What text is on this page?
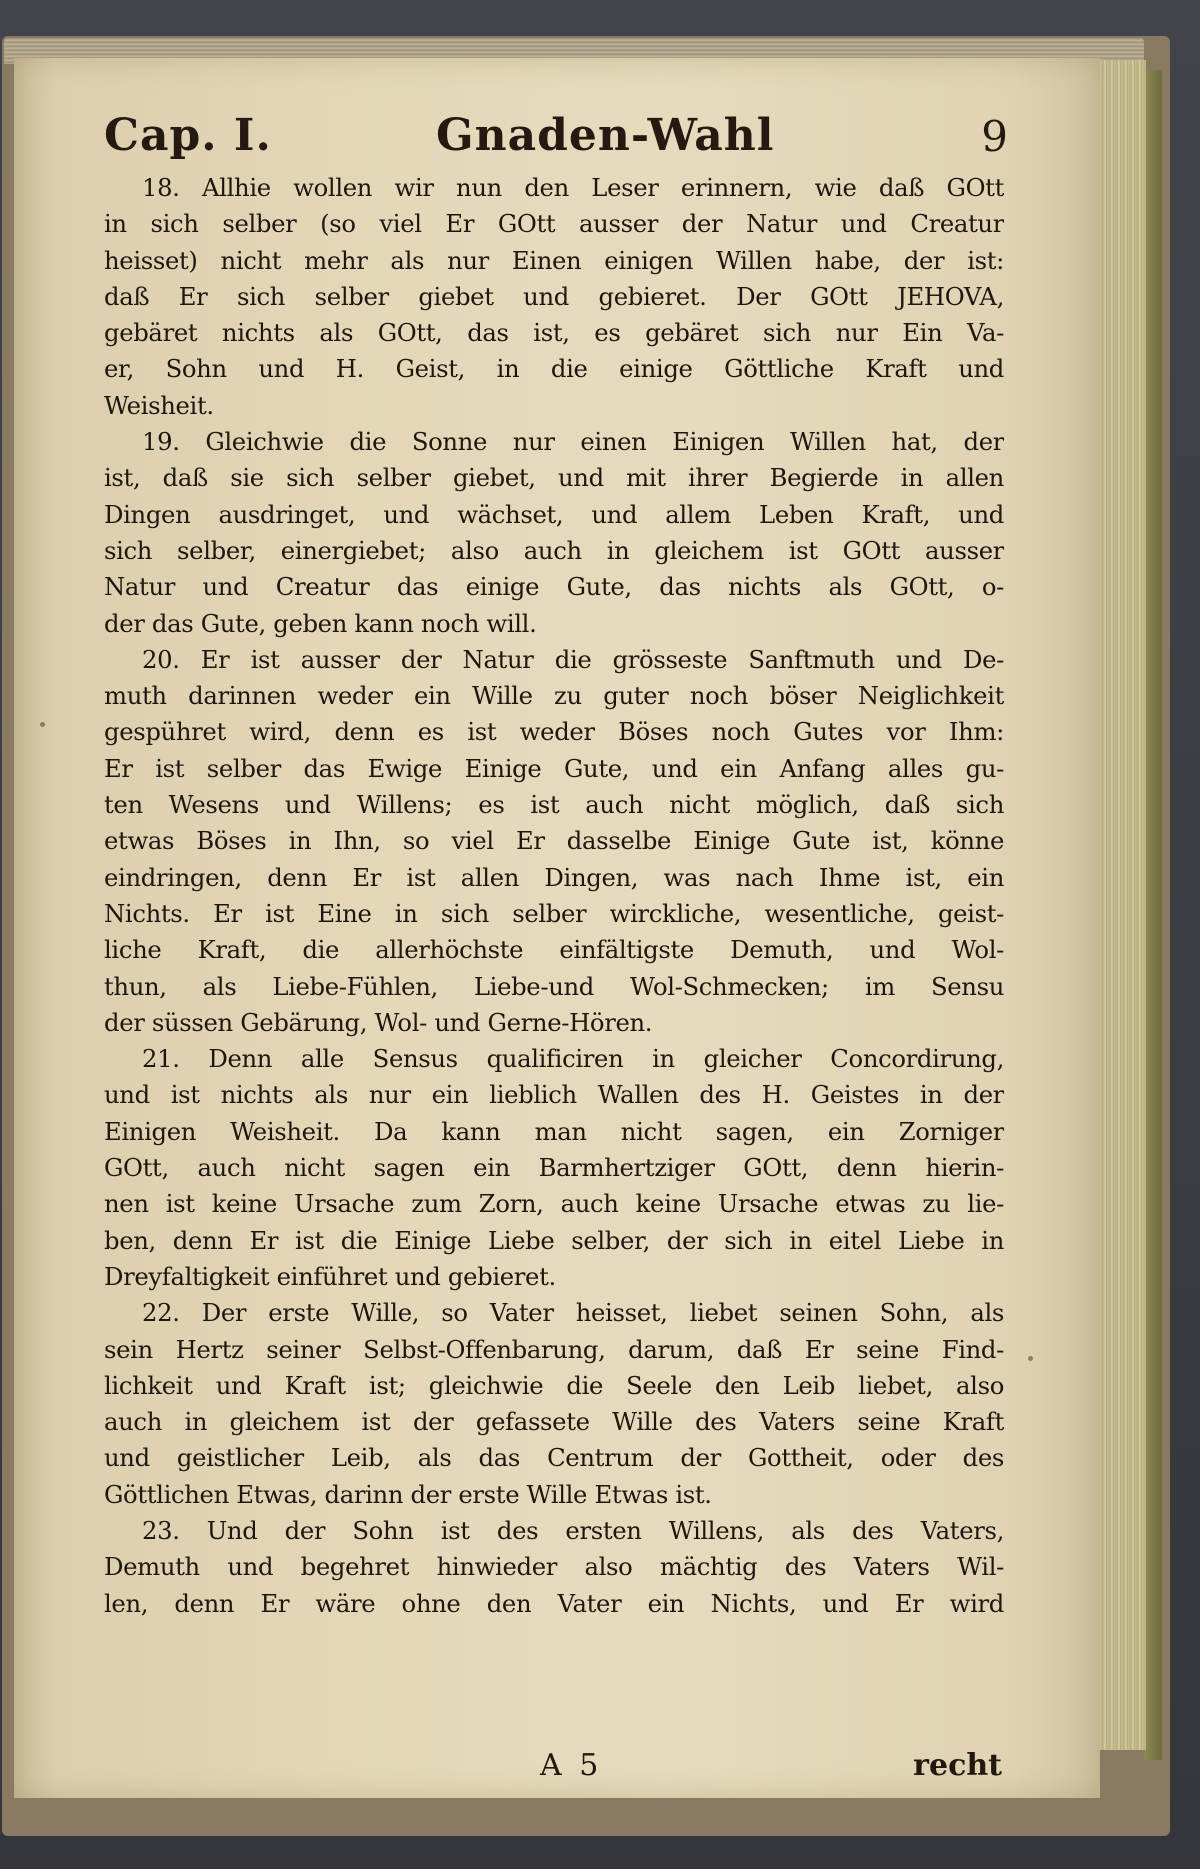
Cap. I.	Gnaden-Wahl	9
18. Allhie wollen wir nun den Leser erinnern, wie daß GOtt
in sich selber (so viel Er GOtt ausser der Natur und Creatur
heisset) nicht mehr als nur Einen einigen Willen habe, der ist:
daß Er sich selber giebet und gebieret. Der GOtt JEHOVA,
gebäret nichts als GOtt, das ist, es gebäret sich nur Ein Va-
er, Sohn und H. Geist, in die einige Göttliche Kraft und
Weisheit.
19. Gleichwie die Sonne nur einen Einigen Willen hat, der
ist, daß sie sich selber giebet, und mit ihrer Begierde in allen
Dingen ausdringet, und wächset, und allem Leben Kraft, und
sich selber, einergiebet; also auch in gleichem ist GOtt ausser
Natur und Creatur das einige Gute, das nichts als GOtt, o-
der das Gute, geben kann noch will.
20. Er ist ausser der Natur die grösseste Sanftmuth und De-
muth darinnen weder ein Wille zu guter noch böser Neiglichkeit
gespühret wird, denn es ist weder Böses noch Gutes vor Ihm:
Er ist selber das Ewige Einige Gute, und ein Anfang alles gu-
ten Wesens und Willens; es ist auch nicht möglich, daß sich
etwas Böses in Ihn, so viel Er dasselbe Einige Gute ist, könne
eindringen, denn Er ist allen Dingen, was nach Ihme ist, ein
Nichts. Er ist Eine in sich selber wirckliche, wesentliche, geist-
liche Kraft, die allerhöchste einfältigste Demuth, und Wol-
thun, als Liebe-Fühlen, Liebe-und Wol-Schmecken; im Sensu
der süssen Gebärung, Wol- und Gerne-Hören.
21. Denn alle Sensus qualificiren in gleicher Concordirung,
und ist nichts als nur ein lieblich Wallen des H. Geistes in der
Einigen Weisheit. Da kann man nicht sagen, ein Zorniger
GOtt, auch nicht sagen ein Barmhertziger GOtt, denn hierin-
nen ist keine Ursache zum Zorn, auch keine Ursache etwas zu lie-
ben, denn Er ist die Einige Liebe selber, der sich in eitel Liebe in
Dreyfaltigkeit einführet und gebieret.
22. Der erste Wille, so Vater heisset, liebet seinen Sohn, als
sein Hertz seiner Selbst-Offenbarung, darum, daß Er seine Find-
lichkeit und Kraft ist; gleichwie die Seele den Leib liebet, also
auch in gleichem ist der gefassete Wille des Vaters seine Kraft
und geistlicher Leib, als das Centrum der Gottheit, oder des
Göttlichen Etwas, darinn der erste Wille Etwas ist.
23. Und der Sohn ist des ersten Willens, als des Vaters,
Demuth und begehret hinwieder also mächtig des Vaters Wil-
len, denn Er wäre ohne den Vater ein Nichts, und Er wird
A 5	recht
